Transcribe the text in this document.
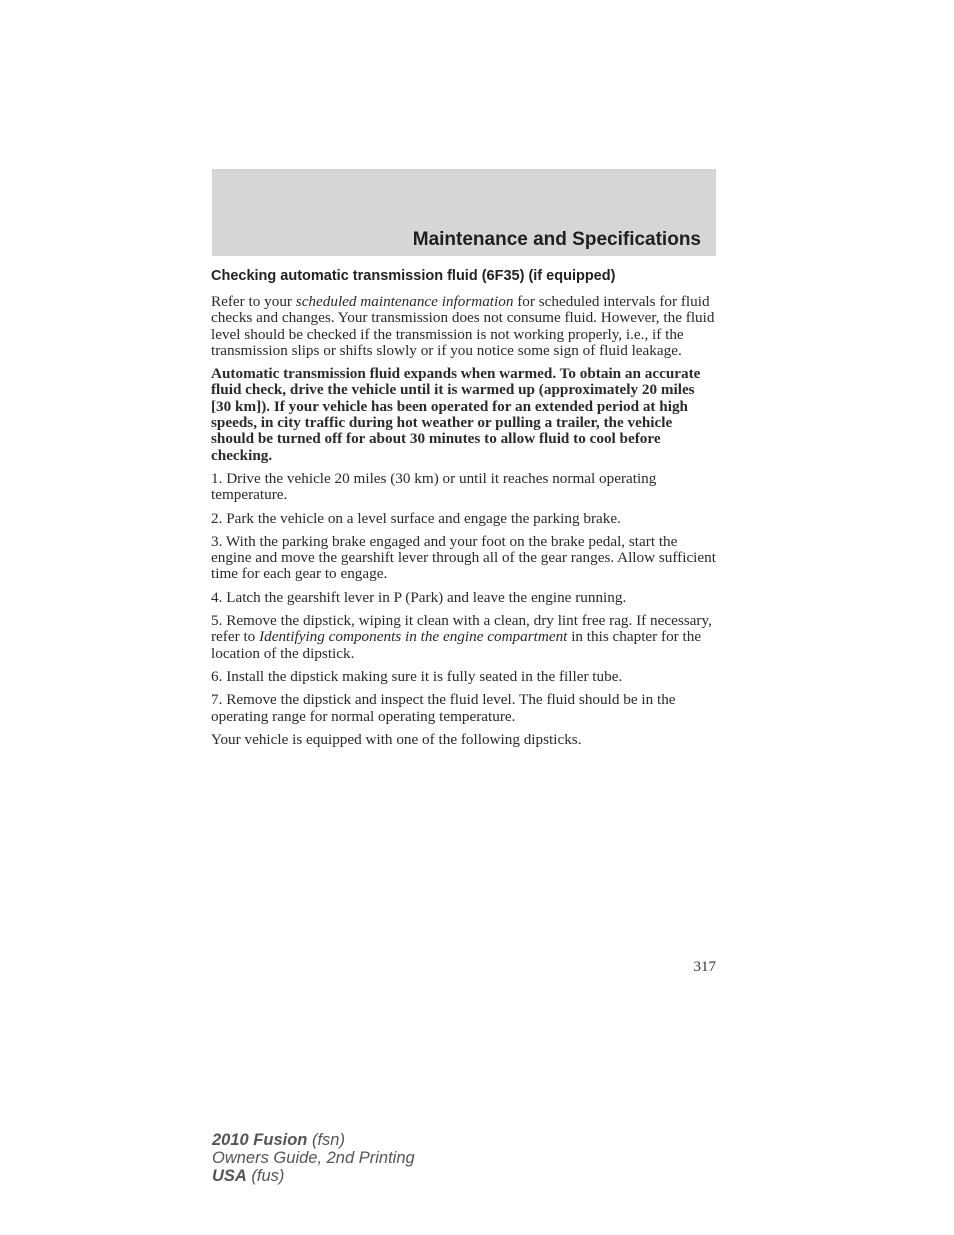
Maintenance and Specifications
Checking automatic transmission fluid (6F35) (if equipped)

Refer to your scheduled maintenance information for scheduled intervals for fluid checks and changes. Your transmission does not consume fluid. However, the fluid level should be checked if the transmission is not working properly, i.e., if the transmission slips or shifts slowly or if you notice some sign of fluid leakage.

Automatic transmission fluid expands when warmed. To obtain an accurate fluid check, drive the vehicle until it is warmed up (approximately 20 miles [30 km]). If your vehicle has been operated for an extended period at high speeds, in city traffic during hot weather or pulling a trailer, the vehicle should be turned off for about 30 minutes to allow fluid to cool before checking.

1. Drive the vehicle 20 miles (30 km) or until it reaches normal operating temperature.

2. Park the vehicle on a level surface and engage the parking brake.

3. With the parking brake engaged and your foot on the brake pedal, start the engine and move the gearshift lever through all of the gear ranges. Allow sufficient time for each gear to engage.

4. Latch the gearshift lever in P (Park) and leave the engine running.

5. Remove the dipstick, wiping it clean with a clean, dry lint free rag. If necessary, refer to Identifying components in the engine compartment in this chapter for the location of the dipstick.

6. Install the dipstick making sure it is fully seated in the filler tube.

7. Remove the dipstick and inspect the fluid level. The fluid should be in the operating range for normal operating temperature.

Your vehicle is equipped with one of the following dipsticks.

317
2010 Fusion (fsn)
Owners Guide, 2nd Printing
USA (fus)
